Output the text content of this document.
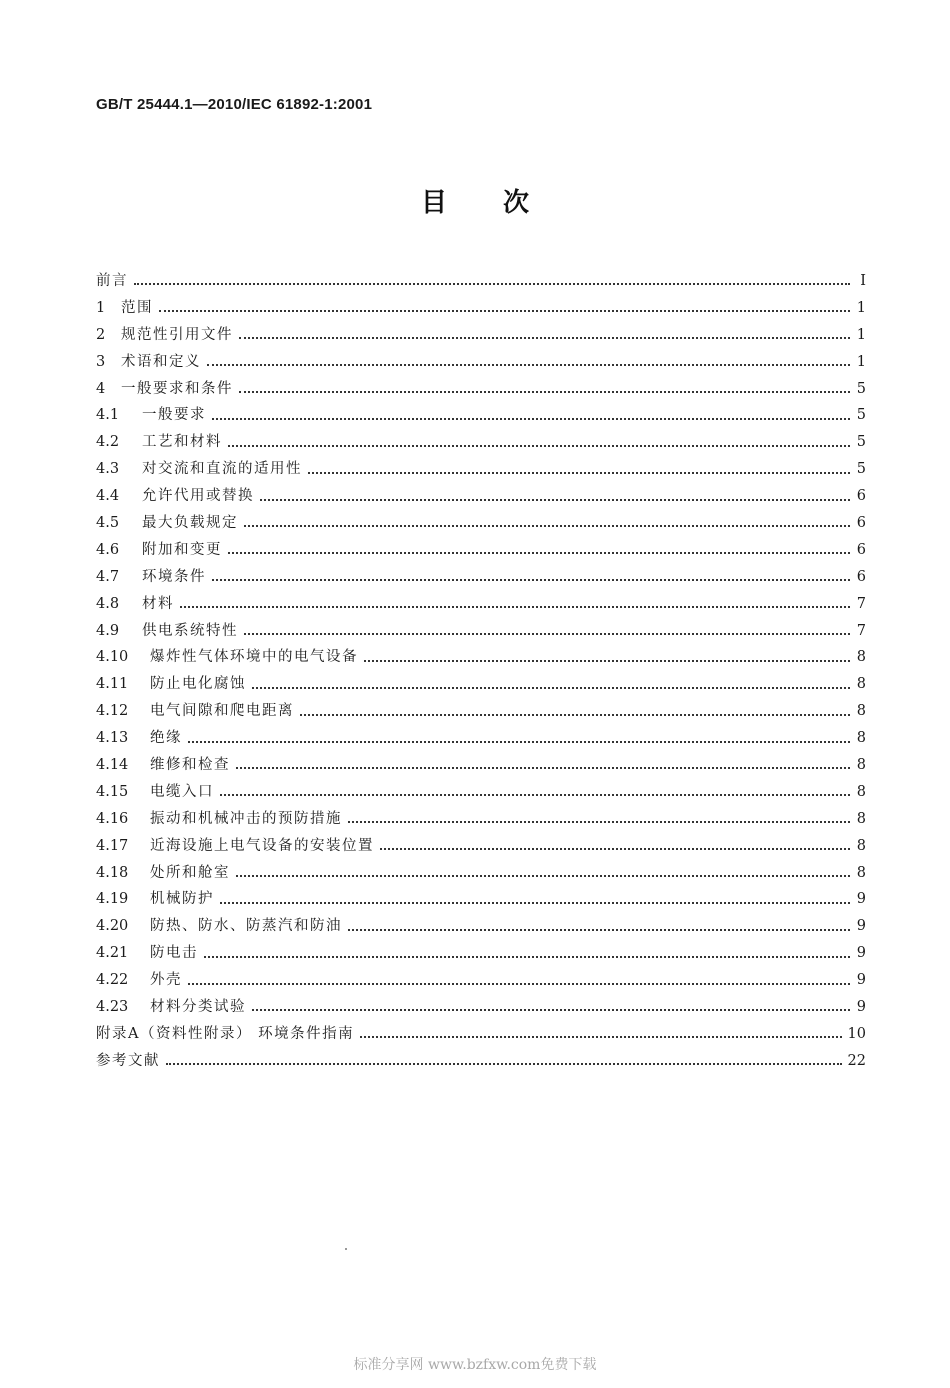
GB/T 25444.1—2010/IEC 61892-1:2001
目次
前言	I
1	范围	1
2	规范性引用文件	1
3	术语和定义	1
4	一般要求和条件	5
4.1	一般要求	5
4.2	工艺和材料	5
4.3	对交流和直流的适用性	5
4.4	允许代用或替换	6
4.5	最大负载规定	6
4.6	附加和变更	6
4.7	环境条件	6
4.8	材料	7
4.9	供电系统特性	7
4.10	爆炸性气体环境中的电气设备	8
4.11	防止电化腐蚀	8
4.12	电气间隙和爬电距离	8
4.13	绝缘	8
4.14	维修和检查	8
4.15	电缆入口	8
4.16	振动和机械冲击的预防措施	8
4.17	近海设施上电气设备的安装位置	8
4.18	处所和舱室	8
4.19	机械防护	9
4.20	防热、防水、防蒸汽和防油	9
4.21	防电击	9
4.22	外壳	9
4.23	材料分类试验	9
附录A（资料性附录） 环境条件指南	10
参考文献	22
标准分享网 www.bzfxw.com免费下载
